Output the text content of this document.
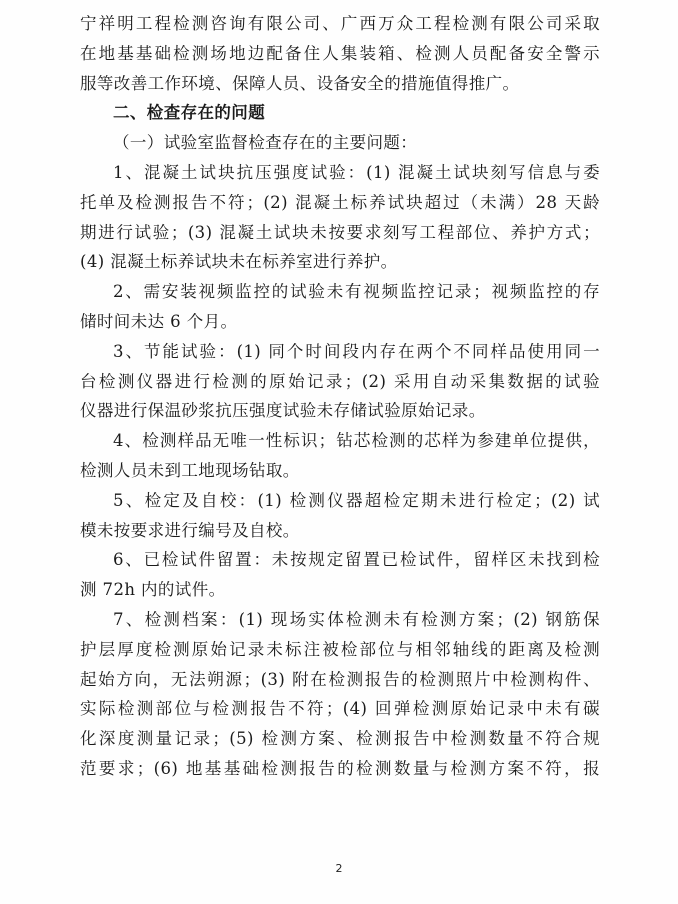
宁祥明工程检测咨询有限公司、广西万众工程检测有限公司采取
在地基基础检测场地边配备住人集装箱、检测人员配备安全警示
服等改善工作环境、保障人员、设备安全的措施值得推广。
二、检查存在的问题
（一）试验室监督检查存在的主要问题：
1、混凝土试块抗压强度试验：(1) 混凝土试块刻写信息与委
托单及检测报告不符；(2) 混凝土标养试块超过（未满）28 天龄
期进行试验；(3) 混凝土试块未按要求刻写工程部位、养护方式；
(4) 混凝土标养试块未在标养室进行养护。
2、需安装视频监控的试验未有视频监控记录；视频监控的存
储时间未达 6 个月。
3、节能试验：(1) 同个时间段内存在两个不同样品使用同一
台检测仪器进行检测的原始记录；(2) 采用自动采集数据的试验
仪器进行保温砂浆抗压强度试验未存储试验原始记录。
4、检测样品无唯一性标识；钻芯检测的芯样为参建单位提供，
检测人员未到工地现场钻取。
5、检定及自校：(1) 检测仪器超检定期未进行检定；(2) 试
模未按要求进行编号及自校。
6、已检试件留置：未按规定留置已检试件，留样区未找到检
测 72h 内的试件。
7、检测档案：(1) 现场实体检测未有检测方案；(2) 钢筋保
护层厚度检测原始记录未标注被检部位与相邻轴线的距离及检测
起始方向，无法朔源；(3) 附在检测报告的检测照片中检测构件、
实际检测部位与检测报告不符；(4) 回弹检测原始记录中未有碳
化深度测量记录；(5) 检测方案、检测报告中检测数量不符合规
范要求；(6) 地基基础检测报告的检测数量与检测方案不符，报
2
